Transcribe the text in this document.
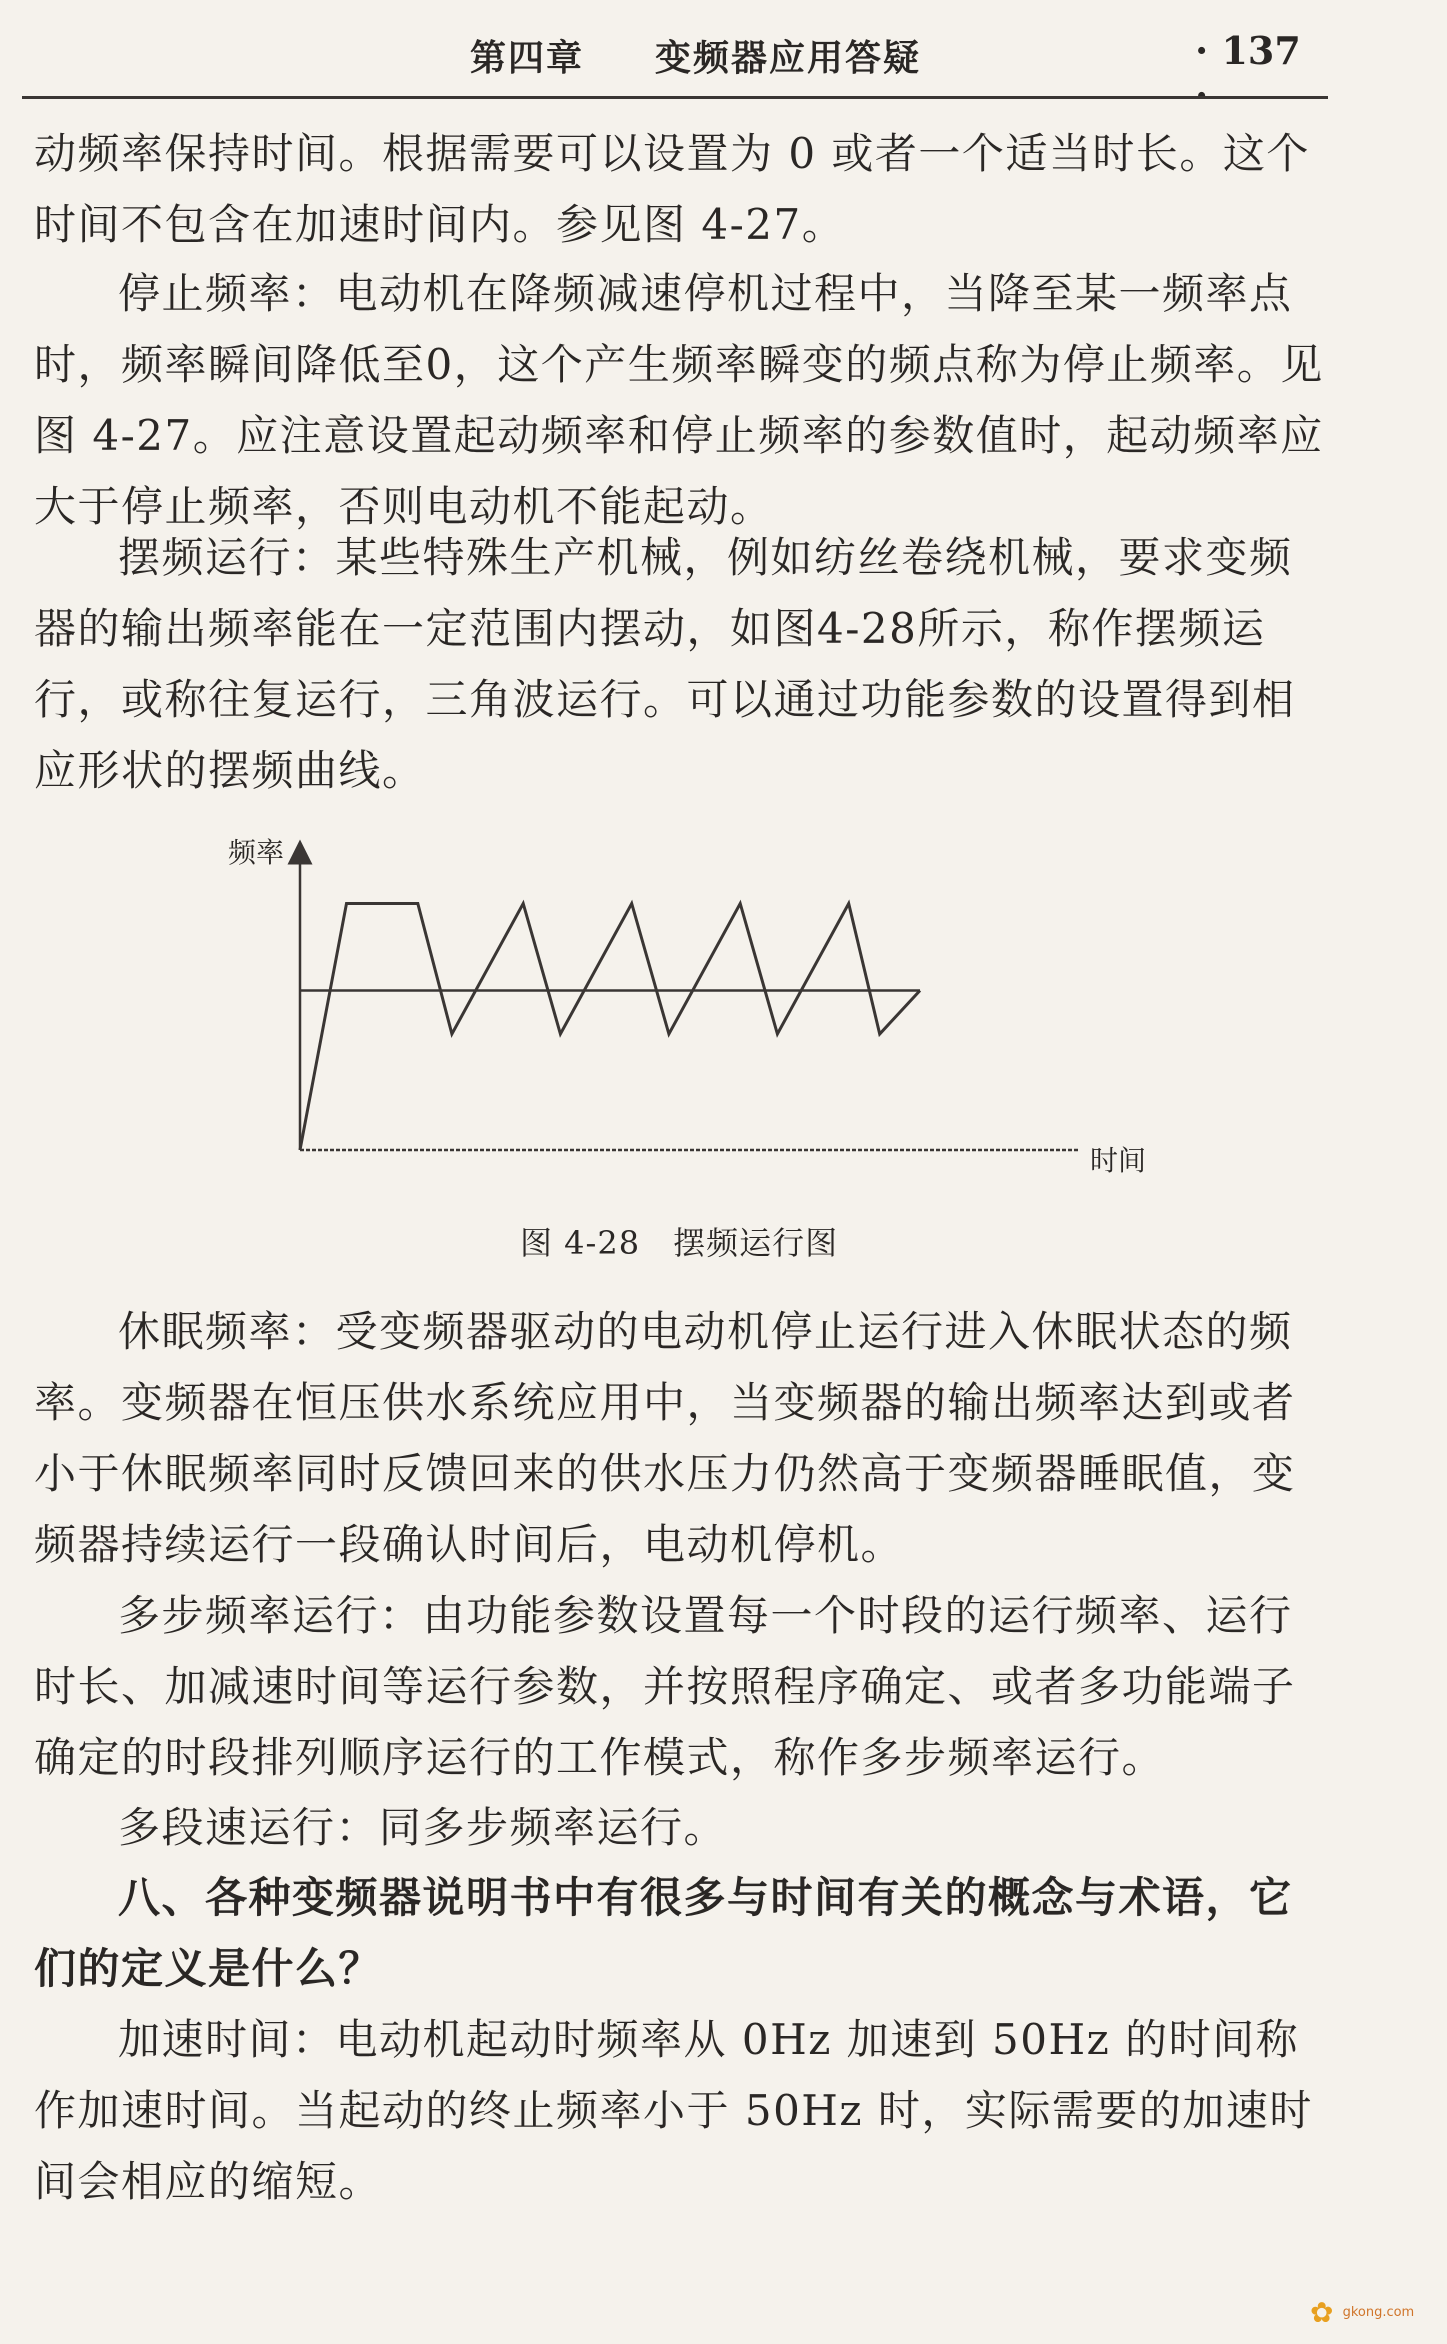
第四章 变频器应用答疑	· 137

动频率保持时间。根据需要可以设置为 0 或者一个适当时长。这个时间不包含在加速时间内。参见图 4-27。

停止频率：电动机在降频减速停机过程中，当降至某一频率点时，频率瞬间降低至0，这个产生频率瞬变的频点称为停止频率。见图 4-27。应注意设置起动频率和停止频率的参数值时，起动频率应大于停止频率，否则电动机不能起动。

摆频运行：某些特殊生产机械，例如纺丝卷绕机械，要求变频器的输出频率能在一定范围内摆动，如图4-28所示，称作摆频运行，或称往复运行，三角波运行。可以通过功能参数的设置得到相应形状的摆频曲线。

频率
时间
图 4-28　摆频运行图

休眠频率：受变频器驱动的电动机停止运行进入休眠状态的频率。变频器在恒压供水系统应用中，当变频器的输出频率达到或者小于休眠频率同时反馈回来的供水压力仍然高于变频器睡眠值，变频器持续运行一段确认时间后，电动机停机。

多步频率运行：由功能参数设置每一个时段的运行频率、运行时长、加减速时间等运行参数，并按照程序确定、或者多功能端子确定的时段排列顺序运行的工作模式，称作多步频率运行。

多段速运行：同多步频率运行。

八、各种变频器说明书中有很多与时间有关的概念与术语，它们的定义是什么？

加速时间：电动机起动时频率从 0Hz 加速到 50Hz 的时间称作加速时间。当起动的终止频率小于 50Hz 时，实际需要的加速时间会相应的缩短。

✿ gkong.com
